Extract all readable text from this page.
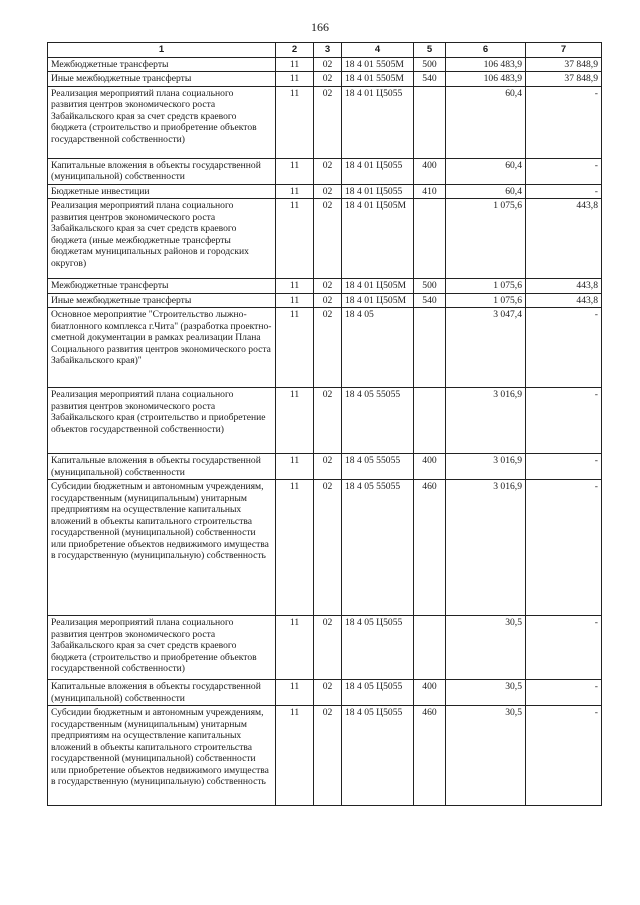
166
1	2	3	4	5	6	7
Межбюджетные трансферты	11	02	18 4 01 5505М	500	106 483,9	37 848,9
Иные межбюджетные трансферты	11	02	18 4 01 5505М	540	106 483,9	37 848,9
Реализация мероприятий плана социального развития центров экономического роста Забайкальского края за счет средств краевого бюджета (строительство и приобретение объектов государственной собственности)	11	02	18 4 01 Ц5055		60,4	-
Капитальные вложения в объекты государственной (муниципальной) собственности	11	02	18 4 01 Ц5055	400	60,4	-
Бюджетные инвестиции	11	02	18 4 01 Ц5055	410	60,4	-
Реализация мероприятий плана социального развития центров экономического роста Забайкальского края за счет средств краевого бюджета (иные межбюджетные трансферты бюджетам муниципальных районов и городских округов)	11	02	18 4 01 Ц505М		1 075,6	443,8
Межбюджетные трансферты	11	02	18 4 01 Ц505М	500	1 075,6	443,8
Иные межбюджетные трансферты	11	02	18 4 01 Ц505М	540	1 075,6	443,8
Основное мероприятие "Строительство лыжно-биатлонного комплекса г.Чита" (разработка проектно-сметной документации в рамках реализации Плана Социального развития центров экономического роста Забайкальского края)"	11	02	18 4 05		3 047,4	-
Реализация мероприятий плана социального развития центров экономического роста Забайкальского края (строительство и приобретение объектов государственной собственности)	11	02	18 4 05 55055		3 016,9	-
Капитальные вложения в объекты государственной (муниципальной) собственности	11	02	18 4 05 55055	400	3 016,9	-
Субсидии бюджетным и автономным учреждениям, государственным (муниципальным) унитарным предприятиям на осуществление капитальных вложений в объекты капитального строительства государственной (муниципальной) собственности или приобретение объектов недвижимого имущества в государственную (муниципальную) собственность	11	02	18 4 05 55055	460	3 016,9	-
Реализация мероприятий плана социального развития центров экономического роста Забайкальского края за счет средств краевого бюджета (строительство и приобретение объектов государственной собственности)	11	02	18 4 05 Ц5055		30,5	-
Капитальные вложения в объекты государственной (муниципальной) собственности	11	02	18 4 05 Ц5055	400	30,5	-
Субсидии бюджетным и автономным учреждениям, государственным (муниципальным) унитарным предприятиям на осуществление капитальных вложений в объекты капитального строительства государственной (муниципальной) собственности или приобретение объектов недвижимого имущества в государственную (муниципальную) собственность	11	02	18 4 05 Ц5055	460	30,5	-
